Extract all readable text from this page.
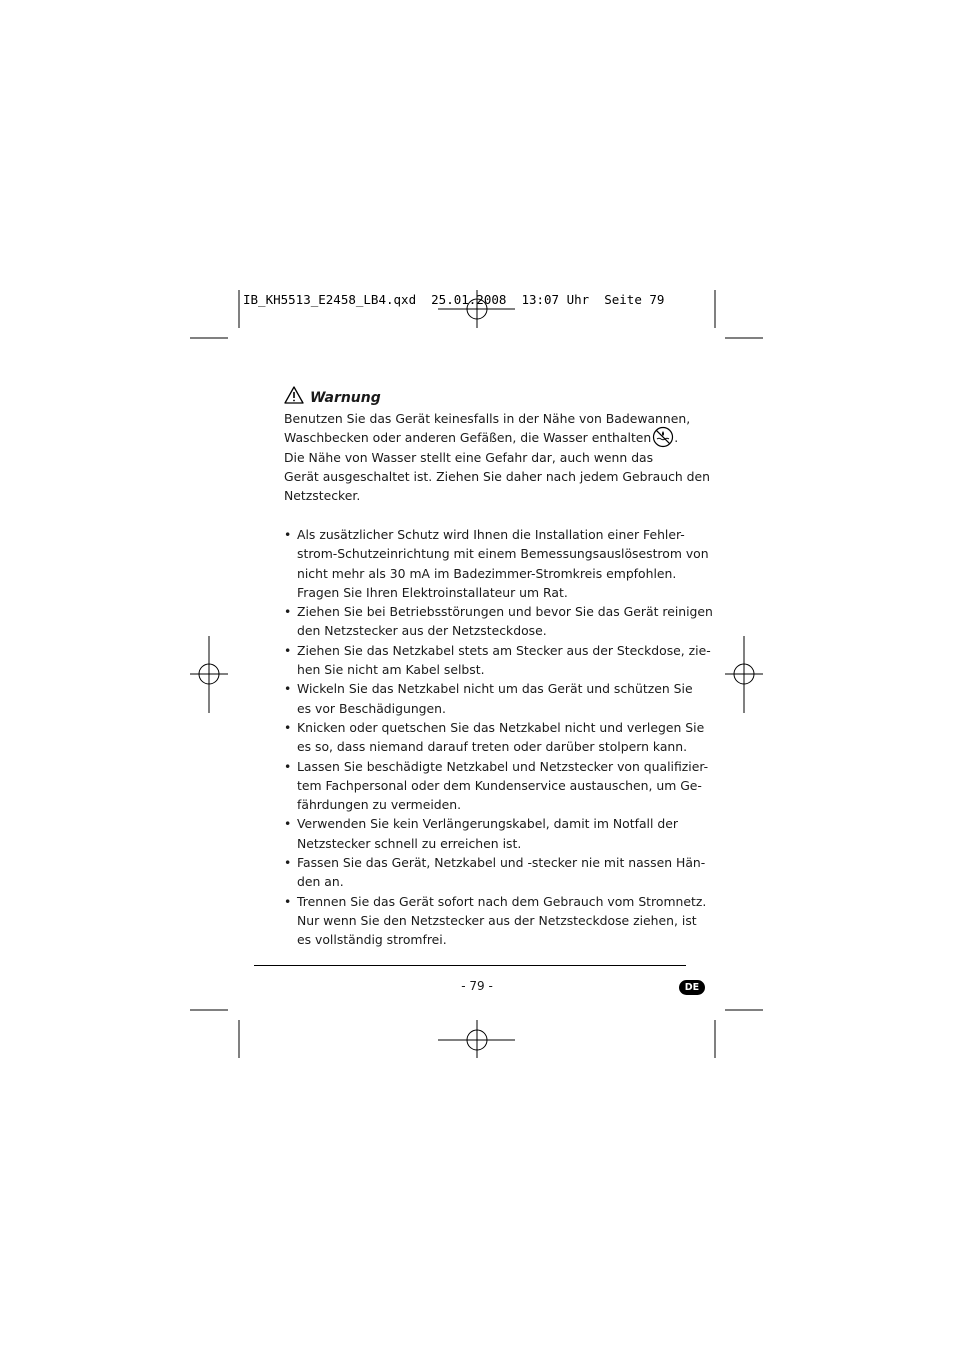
IB_KH5513_E2458_LB4.qxd  25.01.2008  13:07 Uhr  Seite 79
Warnung
Benutzen Sie das Gerät keinesfalls in der Nähe von Badewannen,
Waschbecken oder anderen Gefäßen, die Wasser enthalten .
Die Nähe von Wasser stellt eine Gefahr dar, auch wenn das
Gerät ausgeschaltet ist. Ziehen Sie daher nach jedem Gebrauch den
Netzstecker.
• Als zusätzlicher Schutz wird Ihnen die Installation einer Fehler-
strom-Schutzeinrichtung mit einem Bemessungsauslösestrom von
nicht mehr als 30 mA im Badezimmer-Stromkreis empfohlen.
Fragen Sie Ihren Elektroinstallateur um Rat.
• Ziehen Sie bei Betriebsstörungen und bevor Sie das Gerät reinigen
den Netzstecker aus der Netzsteckdose.
• Ziehen Sie das Netzkabel stets am Stecker aus der Steckdose, zie-
hen Sie nicht am Kabel selbst.
• Wickeln Sie das Netzkabel nicht um das Gerät und schützen Sie
es vor Beschädigungen.
• Knicken oder quetschen Sie das Netzkabel nicht und verlegen Sie
es so, dass niemand darauf treten oder darüber stolpern kann.
• Lassen Sie beschädigte Netzkabel und Netzstecker von qualifizier-
tem Fachpersonal oder dem Kundenservice austauschen, um Ge-
fährdungen zu vermeiden.
• Verwenden Sie kein Verlängerungskabel, damit im Notfall der
Netzstecker schnell zu erreichen ist.
• Fassen Sie das Gerät, Netzkabel und -stecker nie mit nassen Hän-
den an.
• Trennen Sie das Gerät sofort nach dem Gebrauch vom Stromnetz.
Nur wenn Sie den Netzstecker aus der Netzsteckdose ziehen, ist
es vollständig stromfrei.
- 79 -	DE
